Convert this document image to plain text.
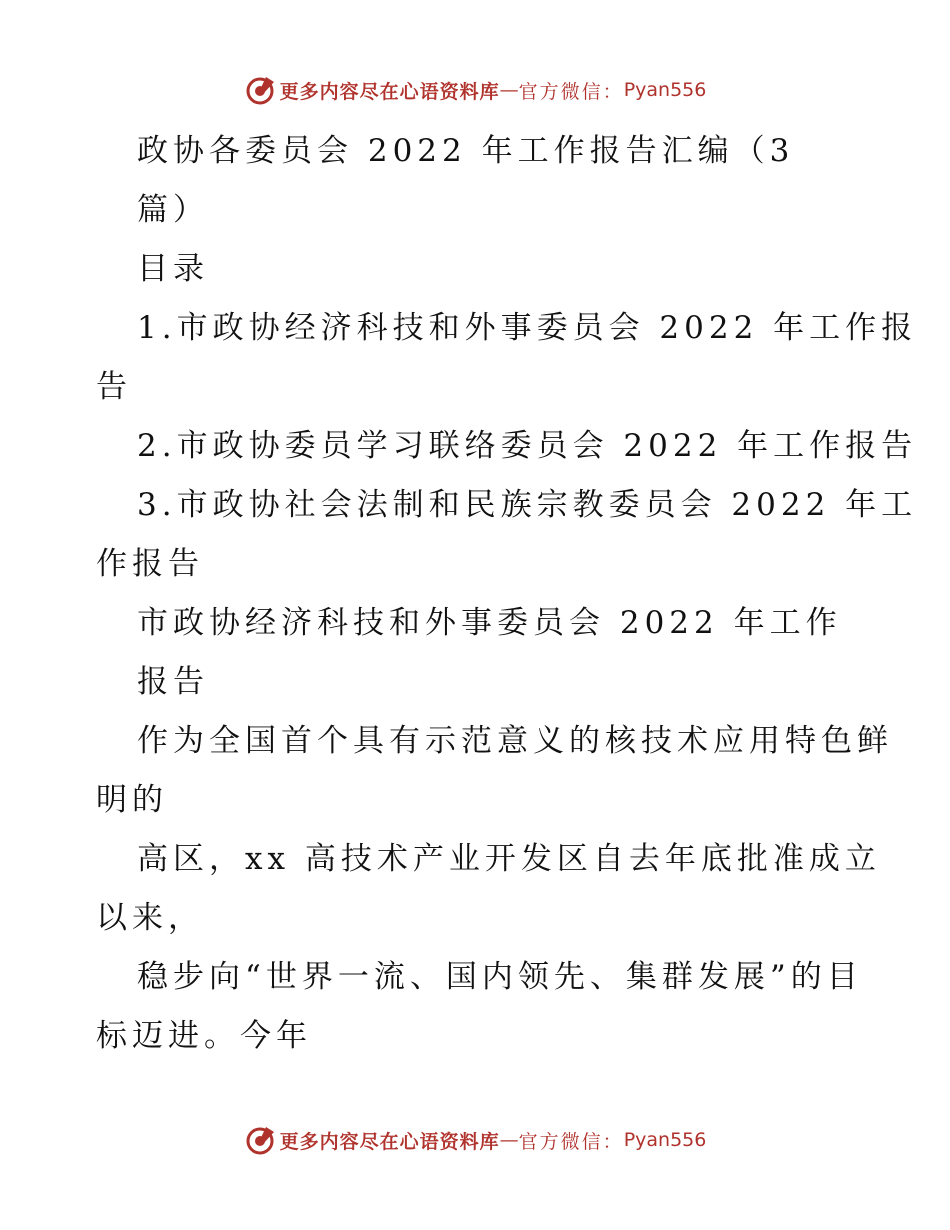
更多内容尽在心语资料库 — 官方微信： Pyan556

政协各委员会 2022 年工作报告汇编（3

篇）

目录

1.市政协经济科技和外事委员会 2022 年工作报

告

2.市政协委员学习联络委员会 2022 年工作报告

3.市政协社会法制和民族宗教委员会 2022 年工

作报告

市政协经济科技和外事委员会 2022 年工作

报告

作为全国首个具有示范意义的核技术应用特色鲜

明的

高区，xx 高技术产业开发区自去年底批准成立

以来，

稳步向“世界一流、国内领先、集群发展”的目

标迈进。今年

更多内容尽在心语资料库 — 官方微信： Pyan556
